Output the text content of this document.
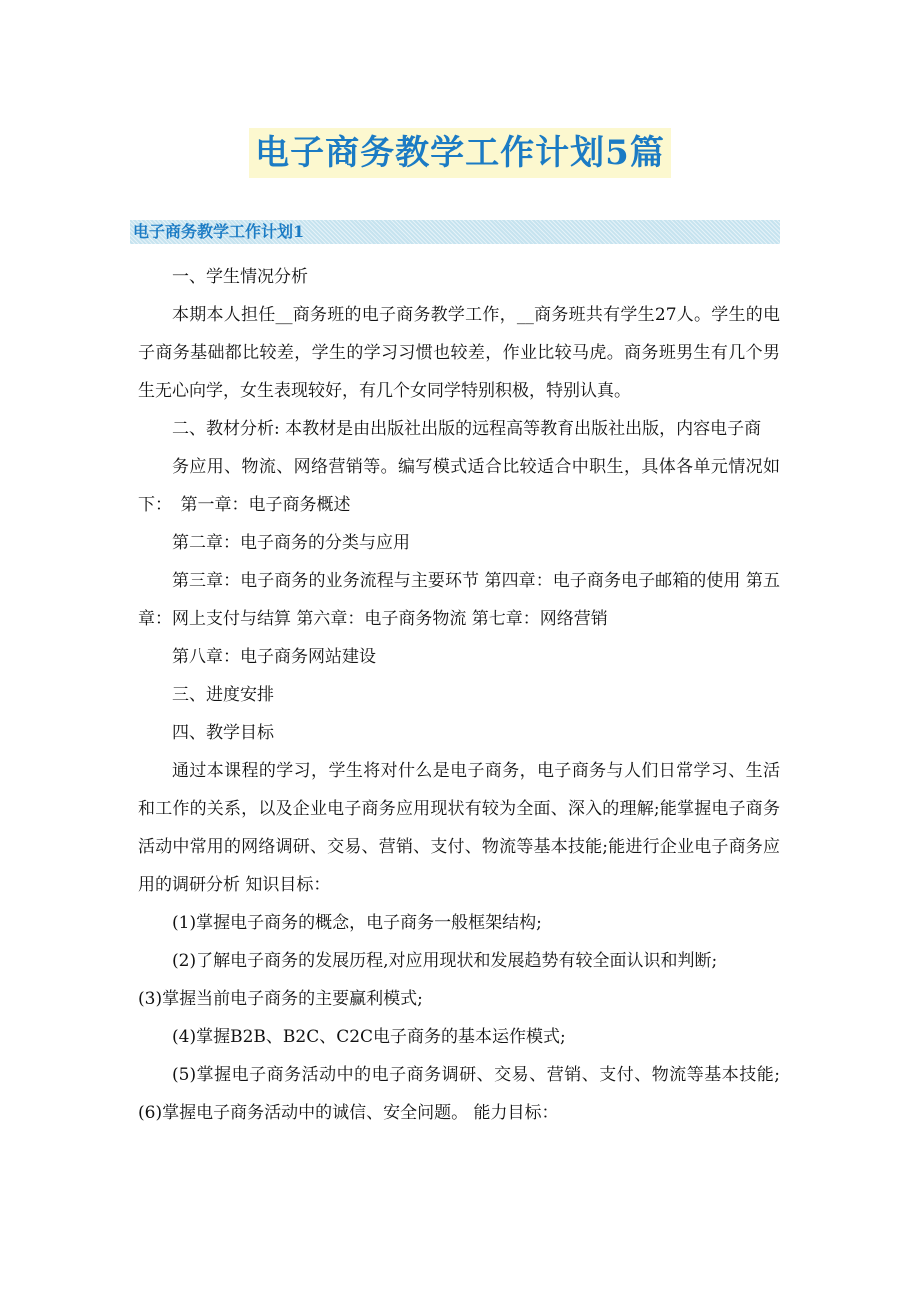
电子商务教学工作计划5篇
电子商务教学工作计划1

一、学生情况分析

本期本人担任__商务班的电子商务教学工作，__商务班共有学生27人。学生的电子商务基础都比较差，学生的学习习惯也较差，作业比较马虎。商务班男生有几个男生无心向学，女生表现较好，有几个女同学特别积极，特别认真。

二、教材分析: 本教材是由出版社出版的远程高等教育出版社出版，内容电子商

务应用、物流、网络营销等。编写模式适合比较适合中职生，具体各单元情况如下：　第一章：电子商务概述

第二章：电子商务的分类与应用

第三章：电子商务的业务流程与主要环节 第四章：电子商务电子邮箱的使用 第五章：网上支付与结算 第六章：电子商务物流 第七章：网络营销

第八章：电子商务网站建设

三、进度安排

四、教学目标

通过本课程的学习，学生将对什么是电子商务，电子商务与人们日常学习、生活和工作的关系，以及企业电子商务应用现状有较为全面、深入的理解;能掌握电子商务活动中常用的网络调研、交易、营销、支付、物流等基本技能;能进行企业电子商务应用的调研分析 知识目标：

(1)掌握电子商务的概念，电子商务一般框架结构;

(2)了解电子商务的发展历程,对应用现状和发展趋势有较全面认识和判断;

(3)掌握当前电子商务的主要赢利模式;

(4)掌握B2B、B2C、C2C电子商务的基本运作模式;

(5)掌握电子商务活动中的电子商务调研、交易、营销、支付、物流等基本技能; (6)掌握电子商务活动中的诚信、安全问题。 能力目标：
